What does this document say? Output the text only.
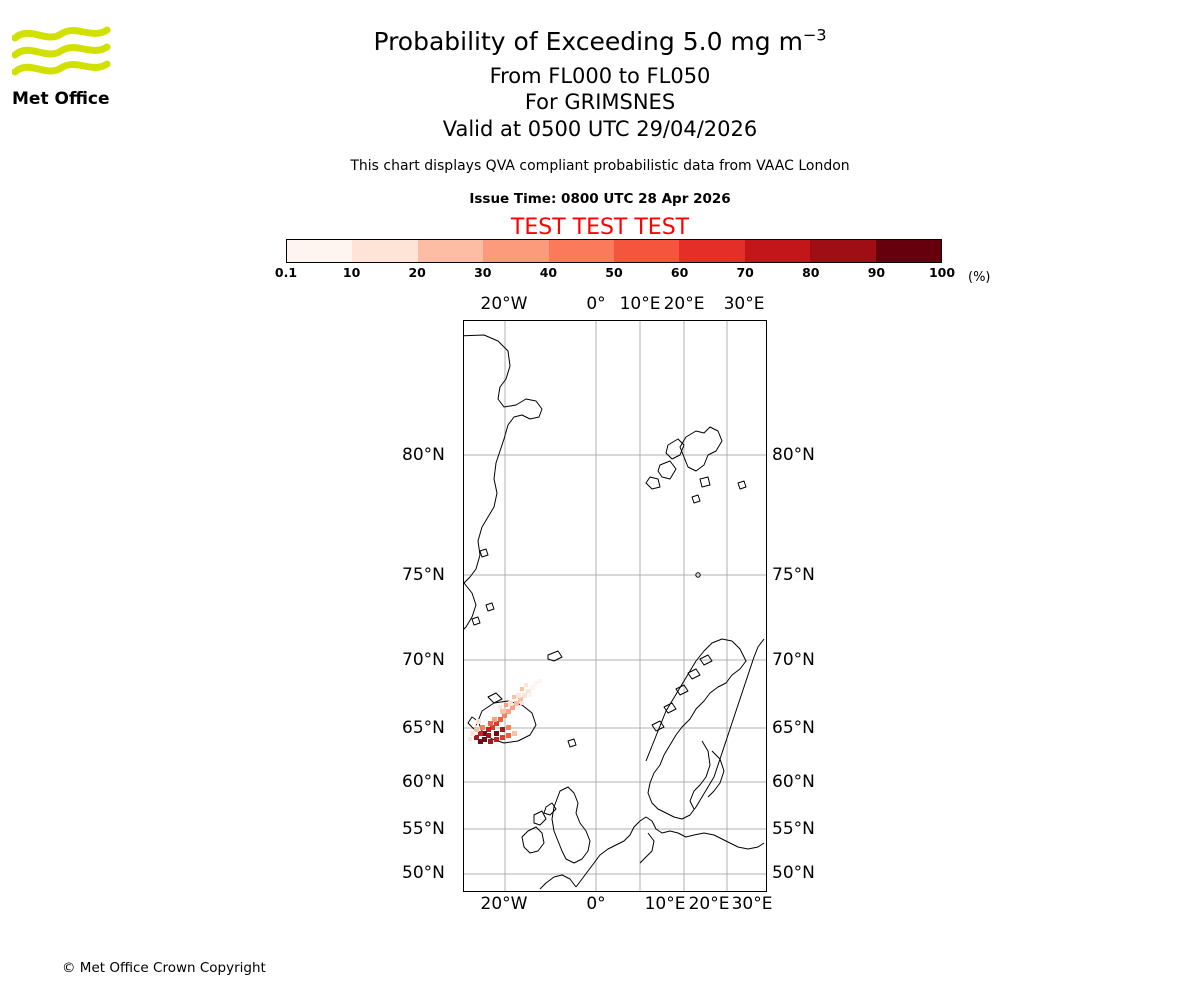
Met Office
Probability of Exceeding 5.0 mg $m^{-3}$
From FL000 to FL050
For GRIMSNES
Valid at 0500 UTC 29/04/2026
This chart displays QVA compliant probabilistic data from VAAC London
Issue Time: 0800 UTC 28 Apr 2026
TEST TEST TEST
0.1	10	20	30	40	50	60	70	80	90	100 (%)
20°W	0° 10°E 20°E 30°E
20°W	0° 10°E 20°E 30°E
80°N
75°N
70°N
65°N
60°N
55°N
50°N
80°N
75°N
70°N
65°N
60°N
55°N
50°N
© Met Office Crown Copyright
